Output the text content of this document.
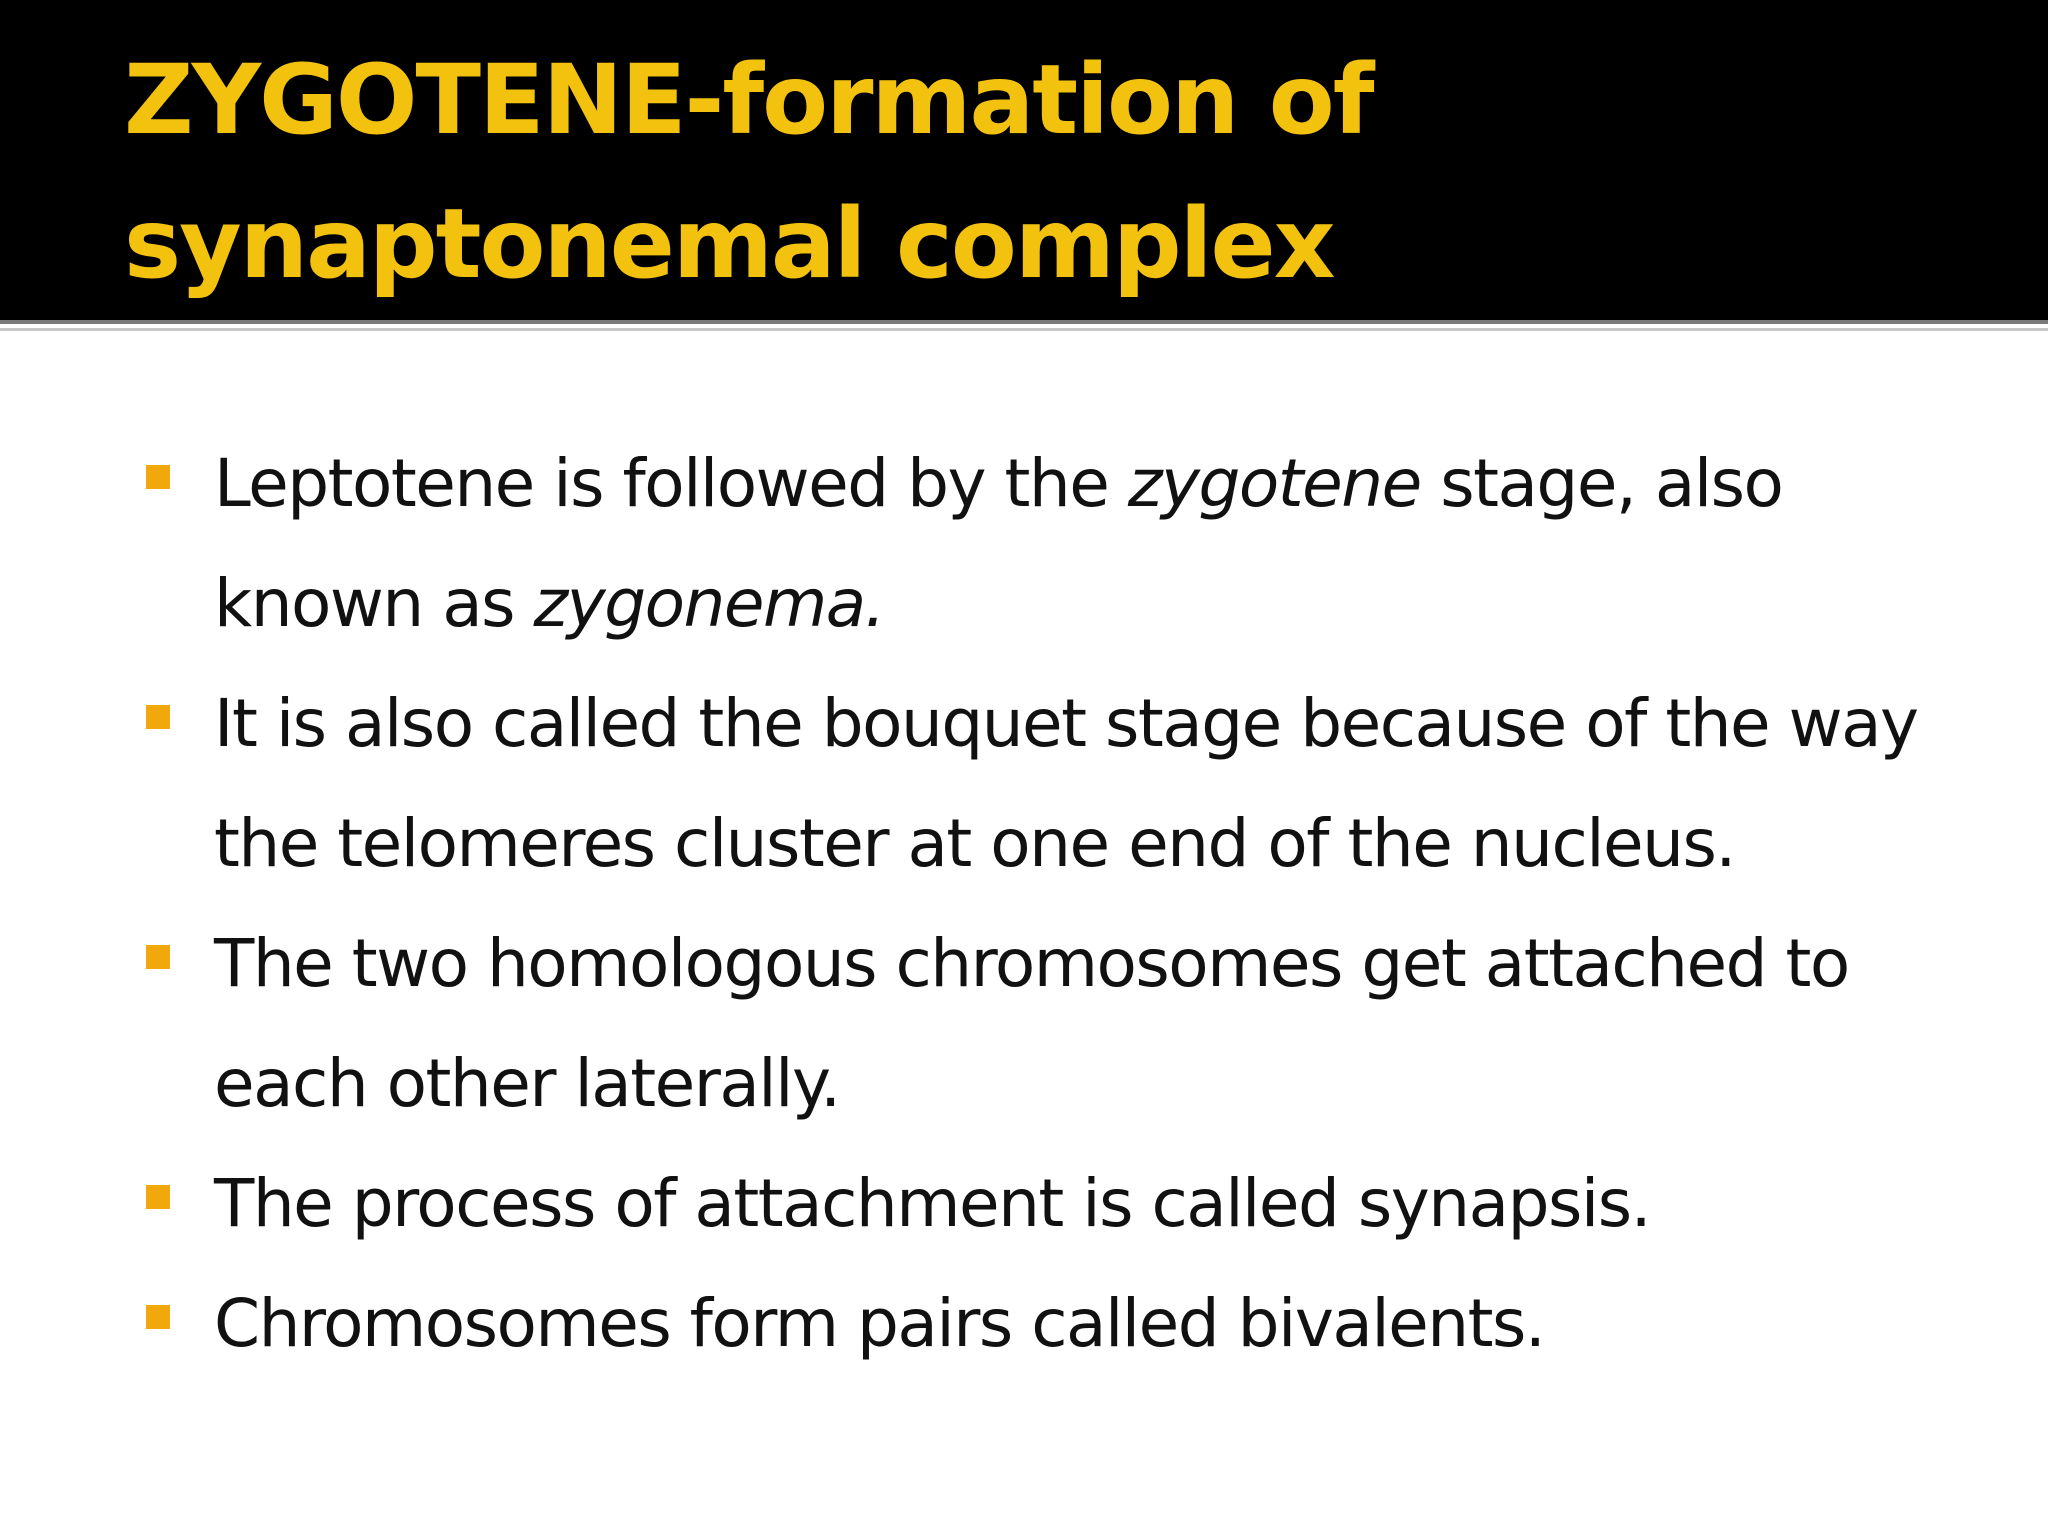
ZYGOTENE-formation of
synaptonemal complex

Leptotene is followed by the zygotene stage, also
known as zygonema.

It is also called the bouquet stage because of the way
the telomeres cluster at one end of the nucleus.

The two homologous chromosomes get attached to
each other laterally.

The process of attachment is called synapsis.

Chromosomes form pairs called bivalents.
